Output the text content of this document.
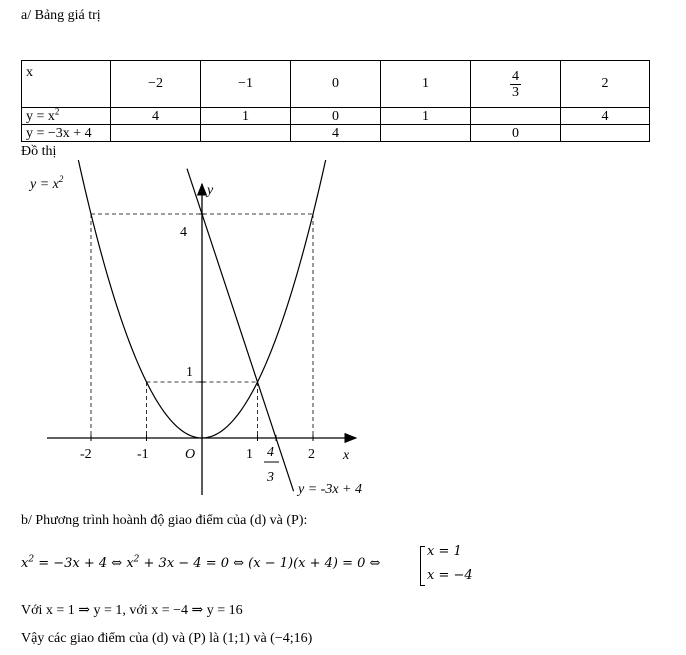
a/ Bảng giá trị
x	−2	−1	0	1	$\frac{4}{3}$	2
$y = x^2$	4	1	0	1		4
y = −3x + 4			4		0	
Đồ thị
$y = x^2$
y
x
O
4
1
-2	-1	1	2
4
3
y = -3x + 4
b/ Phương trình hoành độ giao điểm của (d) và (P):
$x^2 = -3x + 4$ ⇔ $x^2 + 3x - 4 = 0$ ⇔ (x − 1)(x + 4) = 0 ⇔
x = 1
x = −4
Với x = 1 ⇒ y = 1, với x = −4 ⇒ y = 16
Vậy các giao điểm của (d) và (P) là (1;1) và (−4;16)
